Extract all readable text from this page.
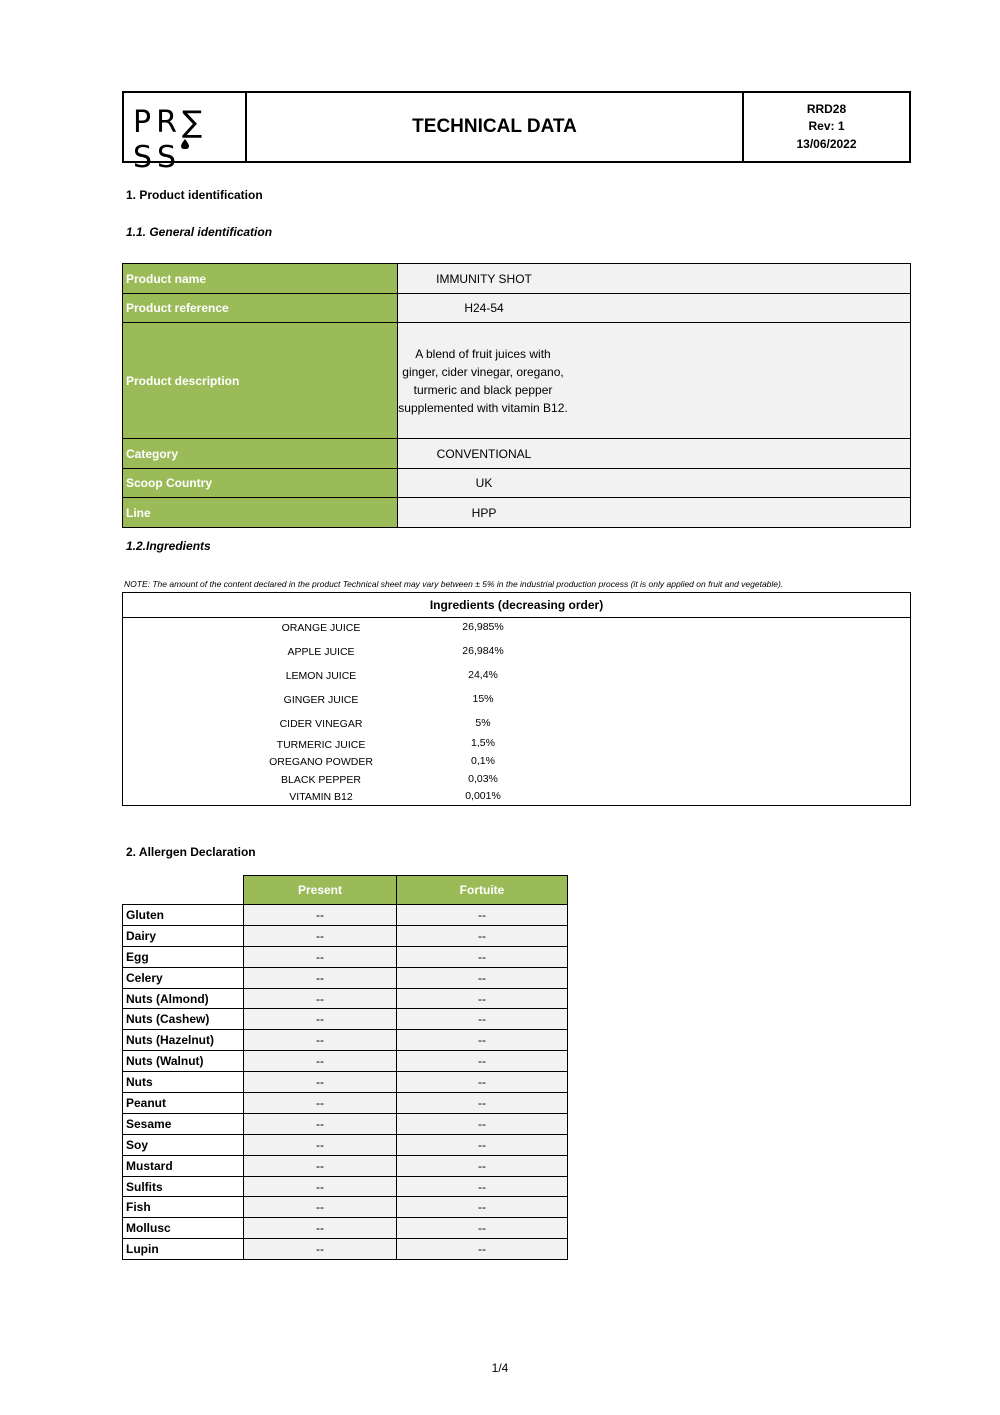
PR∑SS
TECHNICAL DATA
RRD28
Rev: 1
13/06/2022
1. Product identification
1.1. General identification
Product name	IMMUNITY SHOT

Product reference	H24-54

Product description	A blend of fruit juices with ginger, cider vinegar, oregano, turmeric and black pepper supplemented with vitamin B12.

Category	CONVENTIONAL

Scoop Country	UK

Line	HPP
1.2.Ingredients
NOTE: The amount of the content declared in the product Technical sheet may vary between ± 5% in the industrial production process (it is only applied on fruit and vegetable).
Ingredients (decreasing order)
ORANGE JUICE	26,985%
APPLE JUICE	26,984%
LEMON JUICE	24,4%
GINGER JUICE	15%
CIDER VINEGAR	5%
TURMERIC JUICE	1,5%
OREGANO POWDER	0,1%
BLACK PEPPER	0,03%
VITAMIN B12	0,001%
2. Allergen Declaration
	Present	Fortuite
Gluten	--	--
Dairy	--	--
Egg	--	--
Celery	--	--
Nuts (Almond)	--	--
Nuts (Cashew)	--	--
Nuts (Hazelnut)	--	--
Nuts (Walnut)	--	--
Nuts	--	--
Peanut	--	--
Sesame	--	--
Soy	--	--
Mustard	--	--
Sulfits	--	--
Fish	--	--
Mollusc	--	--
Lupin	--	--
1/4
